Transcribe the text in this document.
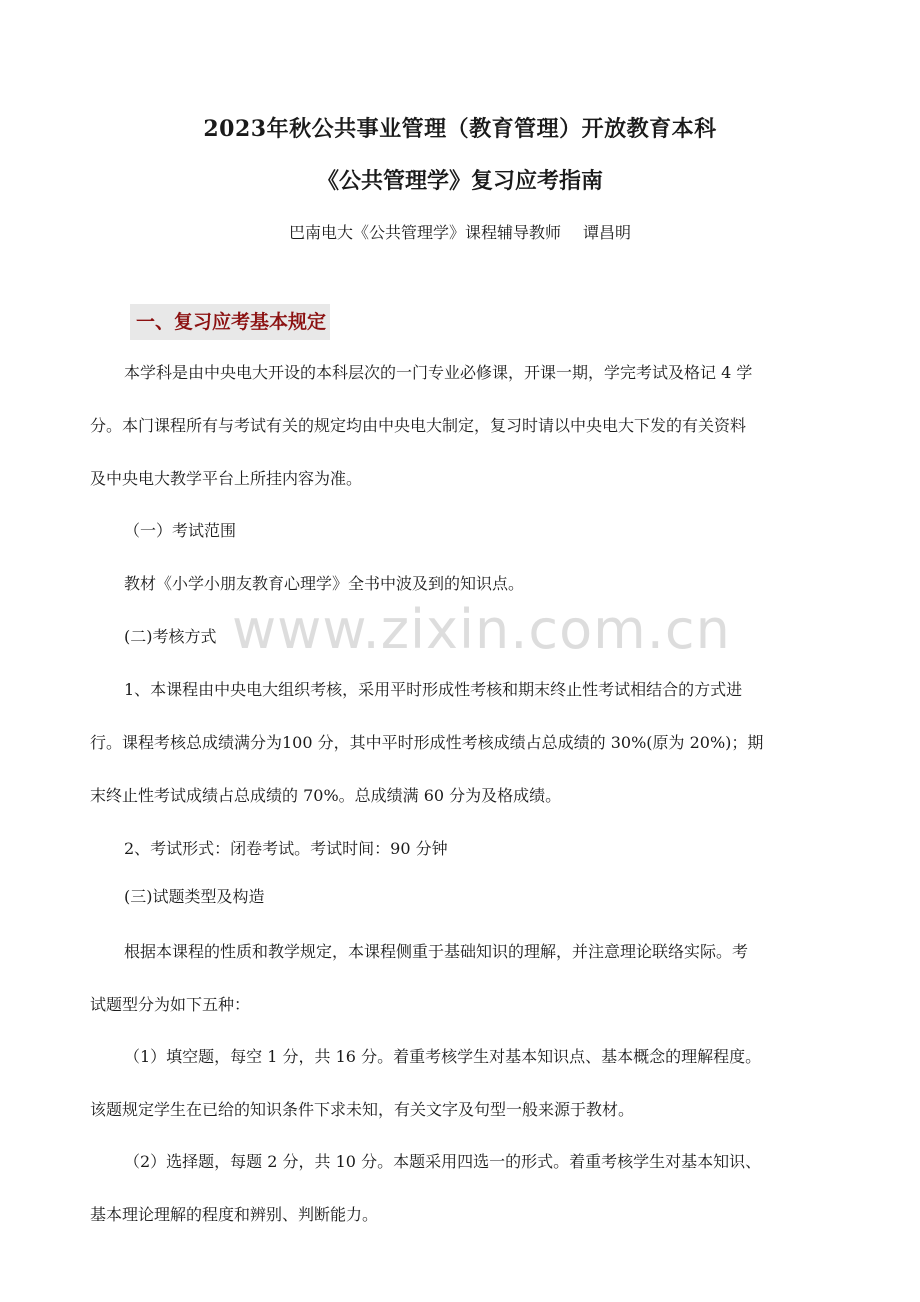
2023年秋公共事业管理（教育管理）开放教育本科
《公共管理学》复习应考指南
巴南电大《公共管理学》课程辅导教师 谭昌明
一、复习应考基本规定
本学科是由中央电大开设的本科层次的一门专业必修课，开课一期，学完考试及格记 4 学
分。本门课程所有与考试有关的规定均由中央电大制定，复习时请以中央电大下发的有关资料
及中央电大教学平台上所挂内容为准。
（一）考试范围
教材《小学小朋友教育心理学》全书中波及到的知识点。
(二)考核方式
1、本课程由中央电大组织考核，采用平时形成性考核和期末终止性考试相结合的方式进
行。课程考核总成绩满分为100 分，其中平时形成性考核成绩占总成绩的 30%(原为 20%)；期
末终止性考试成绩占总成绩的 70%。总成绩满 60 分为及格成绩。
2、考试形式：闭卷考试。考试时间：90 分钟
(三)试题类型及构造
根据本课程的性质和教学规定，本课程侧重于基础知识的理解，并注意理论联络实际。考
试题型分为如下五种：
（1）填空题，每空 1 分，共 16 分。着重考核学生对基本知识点、基本概念的理解程度。
该题规定学生在已给的知识条件下求未知，有关文字及句型一般来源于教材。
（2）选择题，每题 2 分，共 10 分。本题采用四选一的形式。着重考核学生对基本知识、
基本理论理解的程度和辨别、判断能力。
www.zixin.com.cn
